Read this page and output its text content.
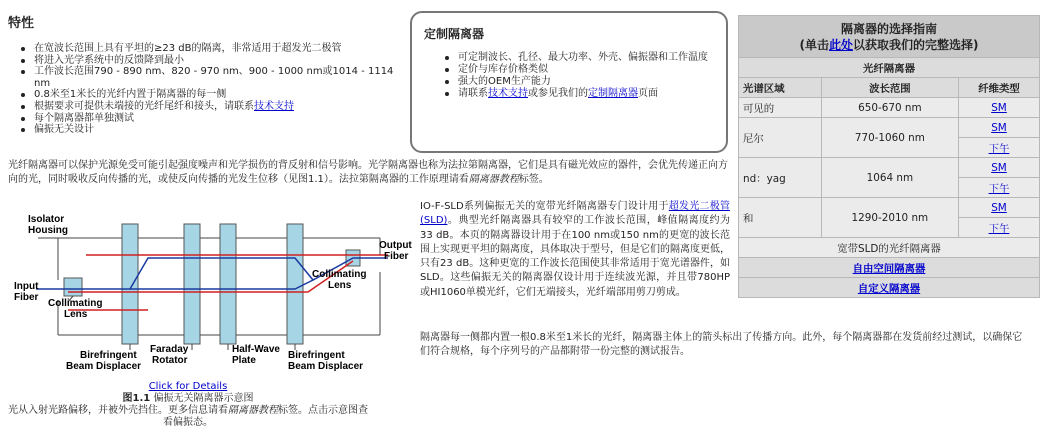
特性
在宽波长范围上具有平坦的≥23 dB的隔离，非常适用于超发光二极管
将进入光学系统中的反馈降到最小
工作波长范围790 - 890 nm、820 - 970 nm、900 - 1000 nm或1014 - 1114 nm
0.8米至1米长的光纤内置于隔离器的每一侧
根据要求可提供未端接的光纤尾纤和接头，请联系技术支持
每个隔离器都单独测试
偏振无关设计
定制隔离器
可定制波长、孔径、最大功率、外壳、偏振器和工作温度
定价与库存价格类似
强大的OEM生产能力
请联系技术支持或参见我们的定制隔离器页面
光纤隔离器可以保护光源免受可能引起强度噪声和光学损伤的背反射和信号影响。光学隔离器也称为法拉第隔离器，它们是具有磁光效应的器件，会优先传递正向方向的光，同时吸收反向传播的光，或使反向传播的光发生位移（见图1.1）。法拉第隔离器的工作原理请看隔离器教程标签。
Isolator
Housing
Input
Fiber
Output
Fiber
Collimating
Lens
Collimating
Lens
Birefringent
Beam Displacer
Faraday
Rotator
Half-Wave
Plate	Birefringent
Beam Displacer
Click for Details
图1.1 偏振无关隔离器示意图
光从入射光路偏移，并被外壳挡住。更多信息请看隔离器教程标签。点击示意图查看偏振态。
IO-F-SLD系列偏振无关的宽带光纤隔离器专门设计用于超发光二极管(SLD)。典型光纤隔离器具有较窄的工作波长范围，峰值隔离度约为33 dB。本页的隔离器设计用于在100 nm或150 nm的更宽的波长范围上实现更平坦的隔离度，具体取决于型号，但是它们的隔离度更低，只有23 dB。这种更宽的工作波长范围使其非常适用于宽光谱器件，如SLD。这些偏振无关的隔离器仅设计用于连续波光源，并且带780HP或HI1060单模光纤，它们无端接头，光纤端部用剪刀剪成。
隔离器每一侧都内置一根0.8米至1米长的光纤，隔离器主体上的箭头标出了传播方向。此外，每个隔离器都在发货前经过测试，以确保它们符合规格，每个序列号的产品都附带一份完整的测试报告。
隔离器的选择指南
(单击此处以获取我们的完整选择)		

光纤隔离器		
光谱区域	波长范围	纤维类型
可见的	650-670 nm	SM
尼尔	770-1060 nm	SM
		下午
nd：yag	1064 nm	SM
		下午
和	1290-2010 nm	SM
		下午
宽带SLD的光纤隔离器		
自由空间隔离器		
自定义隔离器		
